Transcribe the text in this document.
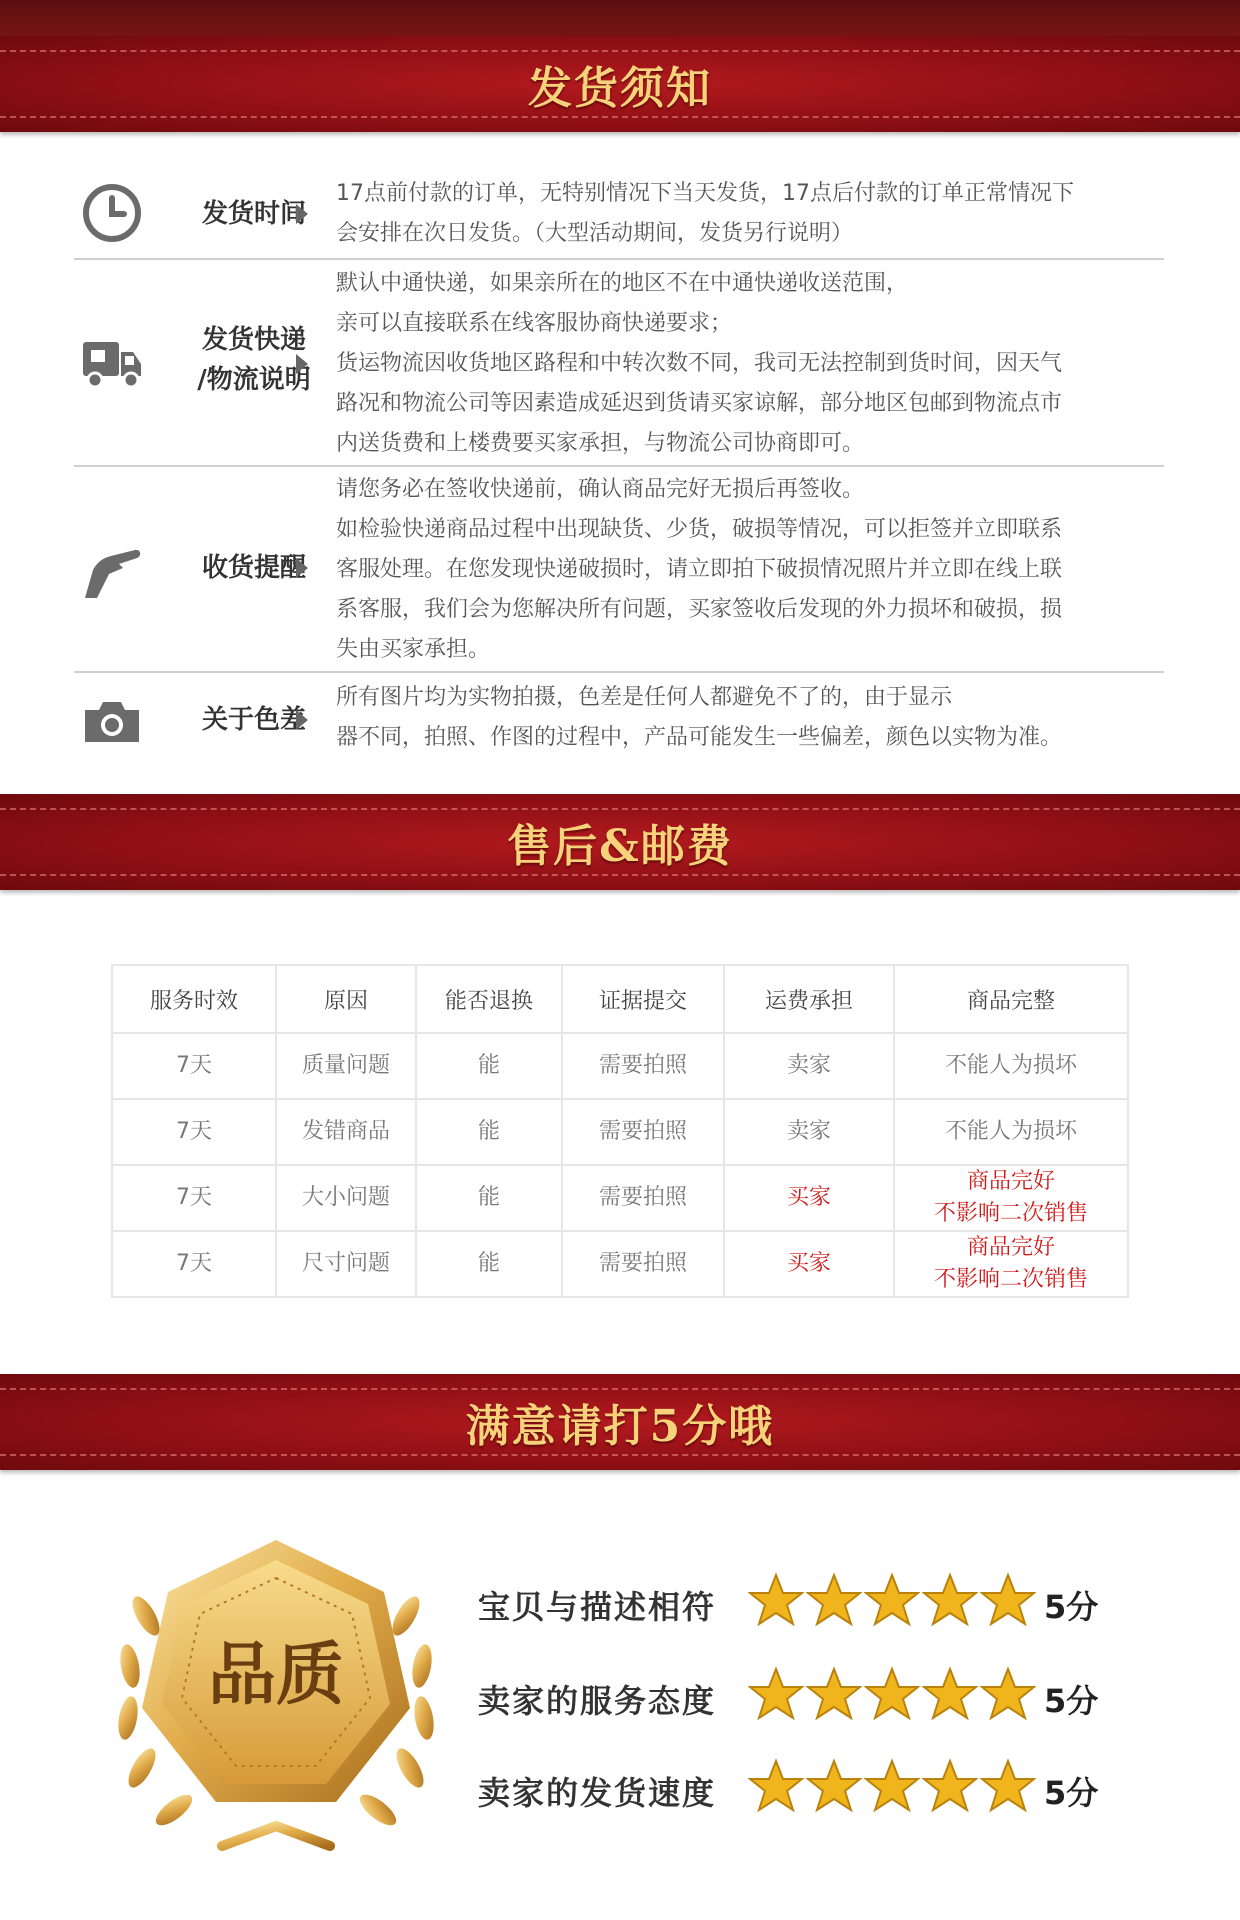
发货须知
发货时间
17点前付款的订单，无特别情况下当天发货，17点后付款的订单正常情况下
会安排在次日发货。（大型活动期间，发货另行说明）
发货快递
/物流说明
默认中通快递，如果亲所在的地区不在中通快递收送范围，
亲可以直接联系在线客服协商快递要求；
货运物流因收货地区路程和中转次数不同，我司无法控制到货时间，因天气
路况和物流公司等因素造成延迟到货请买家谅解，部分地区包邮到物流点市
内送货费和上楼费要买家承担，与物流公司协商即可。
收货提醒
请您务必在签收快递前，确认商品完好无损后再签收。
如检验快递商品过程中出现缺货、少货，破损等情况，可以拒签并立即联系
客服处理。在您发现快递破损时，请立即拍下破损情况照片并立即在线上联
系客服，我们会为您解决所有问题，买家签收后发现的外力损坏和破损，损
失由买家承担。
关于色差
所有图片均为实物拍摄，色差是任何人都避免不了的，由于显示
器不同，拍照、作图的过程中，产品可能发生一些偏差，颜色以实物为准。
售后&邮费
服务时效	原因	能否退换	证据提交	运费承担	商品完整
7天	质量问题	能	需要拍照	卖家	不能人为损坏
7天	发错商品	能	需要拍照	卖家	不能人为损坏
7天	大小问题	能	需要拍照	买家	商品完好
不影响二次销售

7天	尺寸问题	能	需要拍照	买家	商品完好
不影响二次销售
满意请打5分哦
品质
宝贝与描述相符	5分
卖家的服务态度	5分
卖家的发货速度	5分
